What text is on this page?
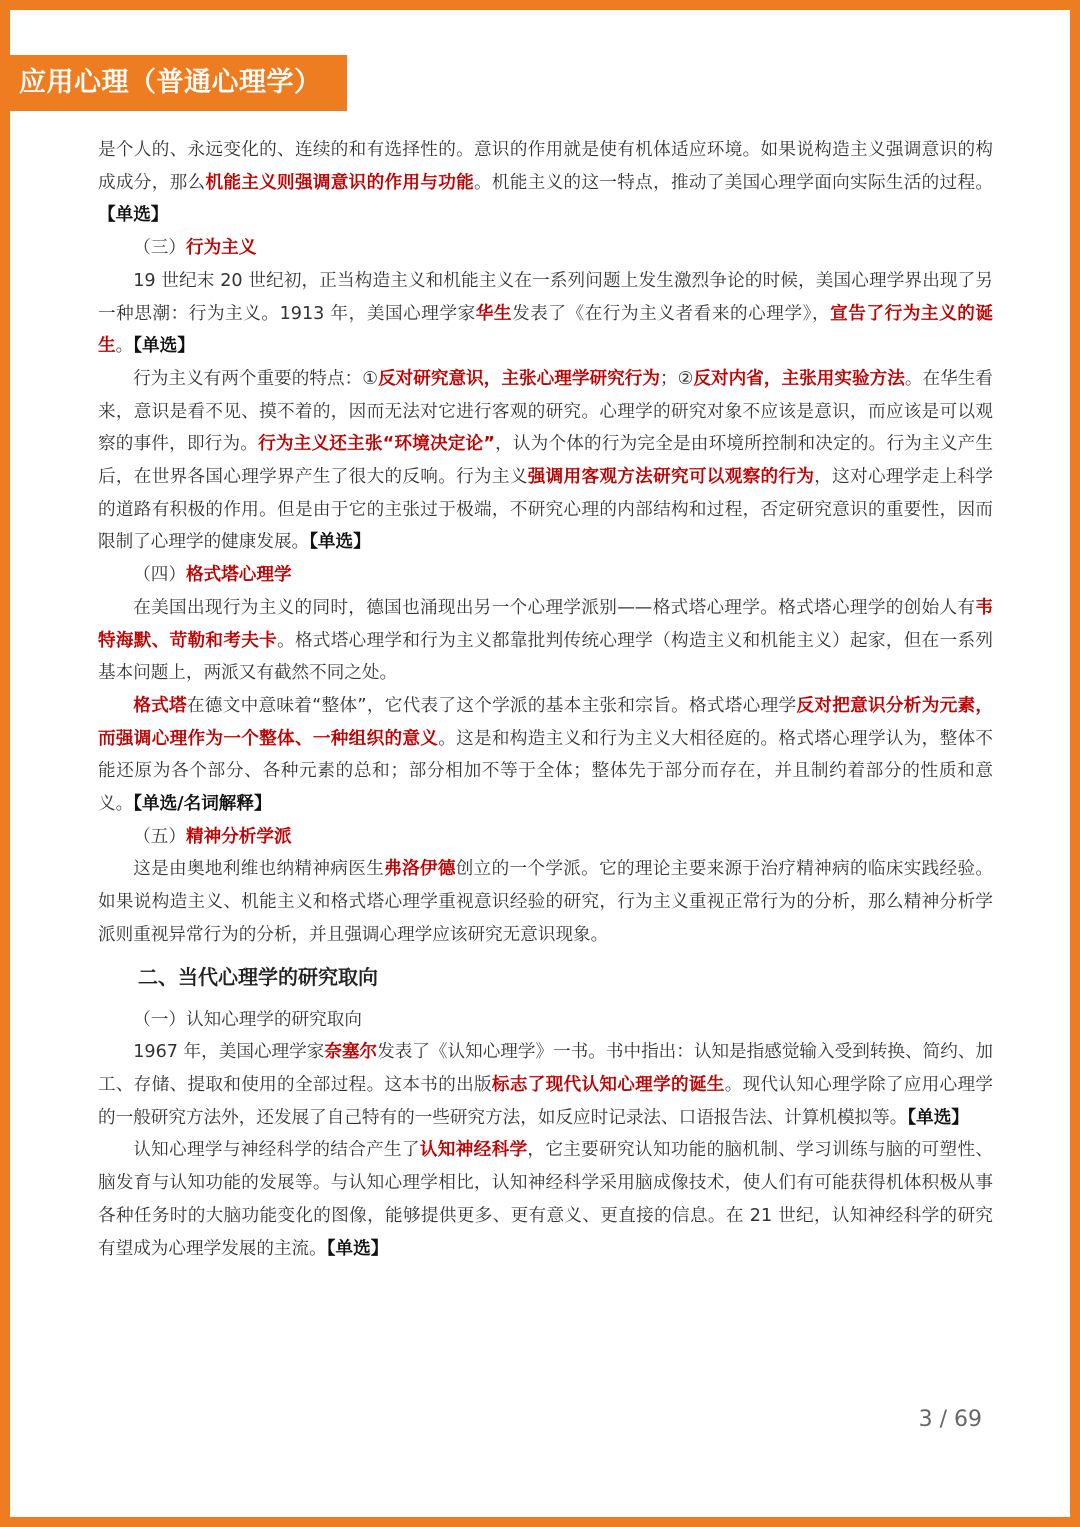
应用心理（普通心理学）

是个人的、永远变化的、连续的和有选择性的。意识的作用就是使有机体适应环境。如果说构造主义强调意识的构成成分，那么机能主义则强调意识的作用与功能。机能主义的这一特点，推动了美国心理学面向实际生活的过程。【单选】

（三）行为主义

19 世纪末 20 世纪初，正当构造主义和机能主义在一系列问题上发生激烈争论的时候，美国心理学界出现了另一种思潮：行为主义。1913 年，美国心理学家华生发表了《在行为主义者看来的心理学》，宣告了行为主义的诞生。【单选】

行为主义有两个重要的特点：①反对研究意识，主张心理学研究行为；②反对内省，主张用实验方法。在华生看来，意识是看不见、摸不着的，因而无法对它进行客观的研究。心理学的研究对象不应该是意识，而应该是可以观察的事件，即行为。行为主义还主张“环境决定论”，认为个体的行为完全是由环境所控制和决定的。行为主义产生后，在世界各国心理学界产生了很大的反响。行为主义强调用客观方法研究可以观察的行为，这对心理学走上科学的道路有积极的作用。但是由于它的主张过于极端，不研究心理的内部结构和过程，否定研究意识的重要性，因而限制了心理学的健康发展。【单选】

（四）格式塔心理学

在美国出现行为主义的同时，德国也涌现出另一个心理学派别——格式塔心理学。格式塔心理学的创始人有韦特海默、苛勒和考夫卡。格式塔心理学和行为主义都靠批判传统心理学（构造主义和机能主义）起家，但在一系列基本问题上，两派又有截然不同之处。

格式塔在德文中意味着“整体”，它代表了这个学派的基本主张和宗旨。格式塔心理学反对把意识分析为元素，而强调心理作为一个整体、一种组织的意义。这是和构造主义和行为主义大相径庭的。格式塔心理学认为，整体不能还原为各个部分、各种元素的总和；部分相加不等于全体；整体先于部分而存在，并且制约着部分的性质和意义。【单选/名词解释】

（五）精神分析学派

这是由奥地利维也纳精神病医生弗洛伊德创立的一个学派。它的理论主要来源于治疗精神病的临床实践经验。如果说构造主义、机能主义和格式塔心理学重视意识经验的研究，行为主义重视正常行为的分析，那么精神分析学派则重视异常行为的分析，并且强调心理学应该研究无意识现象。

二、当代心理学的研究取向

（一）认知心理学的研究取向

1967 年，美国心理学家奈塞尔发表了《认知心理学》一书。书中指出：认知是指感觉输入受到转换、简约、加工、存储、提取和使用的全部过程。这本书的出版标志了现代认知心理学的诞生。现代认知心理学除了应用心理学的一般研究方法外，还发展了自己特有的一些研究方法，如反应时记录法、口语报告法、计算机模拟等。【单选】

认知心理学与神经科学的结合产生了认知神经科学，它主要研究认知功能的脑机制、学习训练与脑的可塑性、脑发育与认知功能的发展等。与认知心理学相比，认知神经科学采用脑成像技术，使人们有可能获得机体积极从事各种任务时的大脑功能变化的图像，能够提供更多、更有意义、更直接的信息。在 21 世纪，认知神经科学的研究有望成为心理学发展的主流。【单选】

3 / 69
